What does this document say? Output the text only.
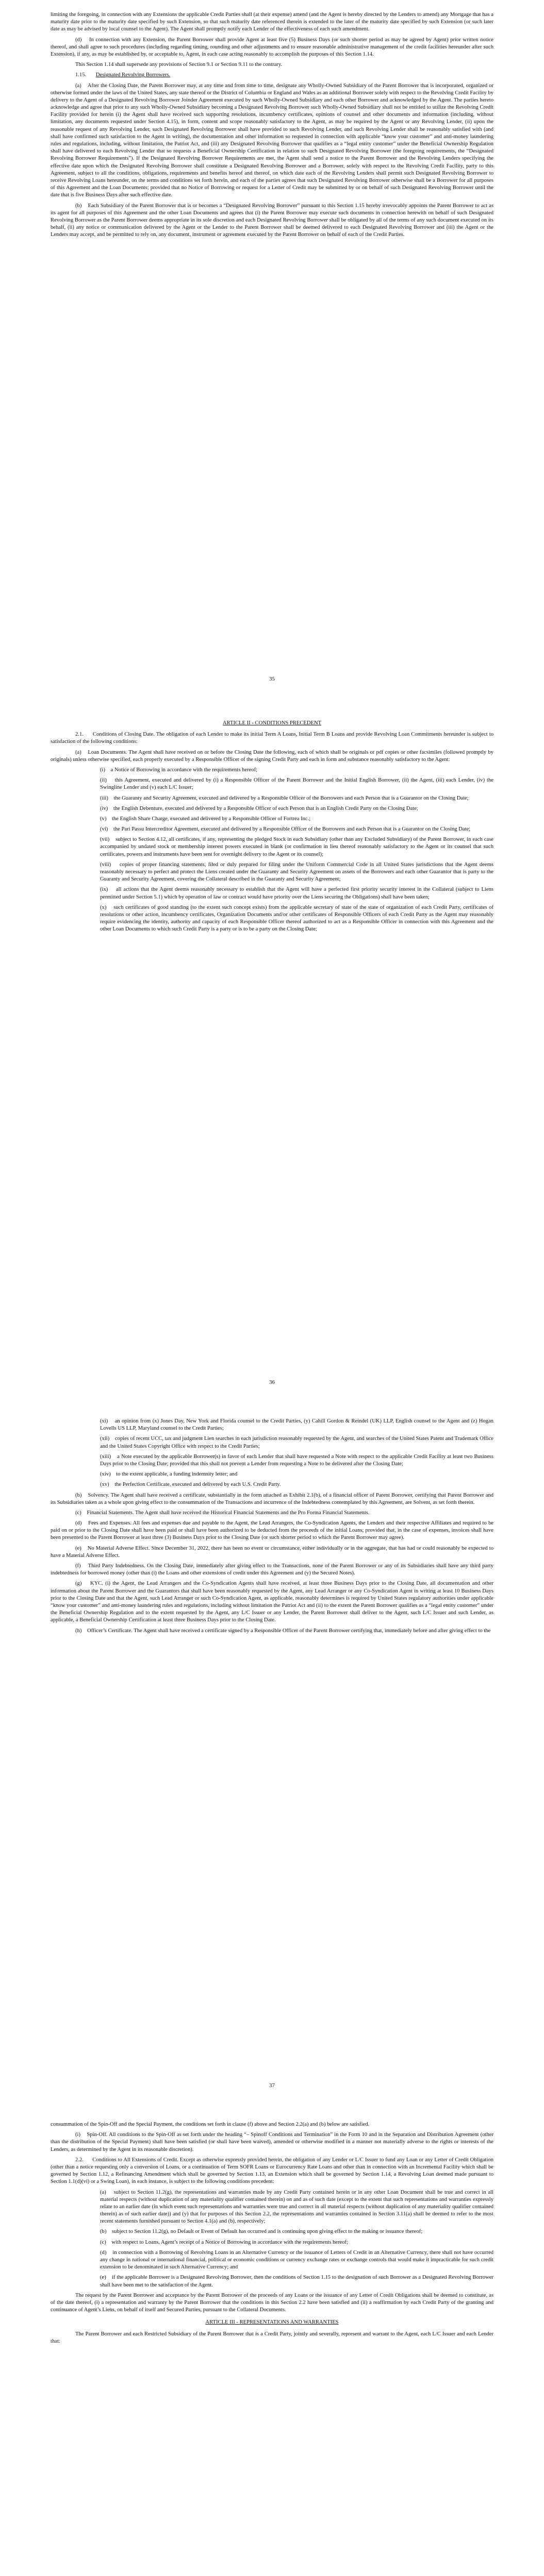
limiting the foregoing, in connection with any Extensions the applicable Credit Parties shall (at their expense) amend (and the Agent is hereby directed by the Lenders to amend) any Mortgage that has a maturity date prior to the maturity date specified by such Extension, so that such maturity date referenced therein is extended to the later of the maturity date specified by such Extension (or such later date as may be advised by local counsel to the Agent). The Agent shall promptly notify each Lender of the effectiveness of each such amendment.

(d)    In connection with any Extension, the Parent Borrower shall provide Agent at least five (5) Business Days (or such shorter period as may be agreed by Agent) prior written notice thereof, and shall agree to such procedures (including regarding timing, rounding and other adjustments and to ensure reasonable administrative management of the credit facilities hereunder after such Extension), if any, as may be established by, or acceptable to, Agent, in each case acting reasonably to accomplish the purposes of this Section 1.14.

This Section 1.14 shall supersede any provisions of Section 9.1 or Section 9.11 to the contrary.

1.15. Designated Revolving Borrowers.

(a)    After the Closing Date, the Parent Borrower may, at any time and from time to time, designate any Wholly-Owned Subsidiary of the Parent Borrower that is incorporated, organized or otherwise formed under the laws of the United States, any state thereof or the District of Columbia or England and Wales as an additional Borrower solely with respect to the Revolving Credit Facility by delivery to the Agent of a Designated Revolving Borrower Joinder Agreement executed by such Wholly-Owned Subsidiary and each other Borrower and acknowledged by the Agent. The parties hereto acknowledge and agree that prior to any such Wholly-Owned Subsidiary becoming a Designated Revolving Borrower such Wholly-Owned Subsidiary shall not be entitled to utilize the Revolving Credit Facility provided for herein (i) the Agent shall have received such supporting resolutions, incumbency certificates, opinions of counsel and other documents and information (including, without limitation, any documents requested under Section 4.15), in form, content and scope reasonably satisfactory to the Agent, as may be required by the Agent or any Revolving Lender, (ii) upon the reasonable request of any Revolving Lender, such Designated Revolving Borrower shall have provided to such Revolving Lender, and such Revolving Lender shall be reasonably satisfied with (and shall have confirmed such satisfaction to the Agent in writing), the documentation and other information so requested in connection with applicable “know your customer” and anti-money laundering rules and regulations, including, without limitation, the Patriot Act, and (iii) any Designated Revolving Borrower that qualifies as a “legal entity customer” under the Beneficial Ownership Regulation shall have delivered to each Revolving Lender that so requests a Beneficial Ownership Certification in relation to such Designated Revolving Borrower (the foregoing requirements, the “Designated Revolving Borrower Requirements”). If the Designated Revolving Borrower Requirements are met, the Agent shall send a notice to the Parent Borrower and the Revolving Lenders specifying the effective date upon which the Designated Revolving Borrower shall constitute a Designated Revolving Borrower and a Borrower, solely with respect to the Revolving Credit Facility, party to this Agreement, subject to all the conditions, obligations, requirements and benefits hereof and thereof, on which date each of the Revolving Lenders shall permit such Designated Revolving Borrower to receive Revolving Loans hereunder, on the terms and conditions set forth herein, and each of the parties agrees that such Designated Revolving Borrower otherwise shall be a Borrower for all purposes of this Agreement and the Loan Documents; provided that no Notice of Borrowing or request for a Letter of Credit may be submitted by or on behalf of such Designated Revolving Borrower until the date that is five Business Days after such effective date.

(b)    Each Subsidiary of the Parent Borrower that is or becomes a “Designated Revolving Borrower” pursuant to this Section 1.15 hereby irrevocably appoints the Parent Borrower to act as its agent for all purposes of this Agreement and the other Loan Documents and agrees that (i) the Parent Borrower may execute such documents in connection herewith on behalf of such Designated Revolving Borrower as the Parent Borrower deems appropriate in its sole discretion and each Designated Revolving Borrower shall be obligated by all of the terms of any such document executed on its behalf, (ii) any notice or communication delivered by the Agent or the Lender to the Parent Borrower shall be deemed delivered to each Designated Revolving Borrower and (iii) the Agent or the Lenders may accept, and be permitted to rely on, any document, instrument or agreement executed by the Parent Borrower on behalf of each of the Credit Parties.

35

ARTICLE II - CONDITIONS PRECEDENT

2.1.      Conditions of Closing Date. The obligation of each Lender to make its initial Term A Loans, Initial Term B Loans and provide Revolving Loan Commitments hereunder is subject to satisfaction of the following conditions:

(a)    Loan Documents. The Agent shall have received on or before the Closing Date the following, each of which shall be originals or pdf copies or other facsimiles (followed promptly by originals) unless otherwise specified, each properly executed by a Responsible Officer of the signing Credit Party and each in form and substance reasonably satisfactory to the Agent:

(i)    a Notice of Borrowing in accordance with the requirements hereof;

(ii)    this Agreement, executed and delivered by (i) a Responsible Officer of the Parent Borrower and the Initial English Borrower, (ii) the Agent, (iii) each Lender, (iv) the Swingline Lender and (v) each L/C Issuer;

(iii)    the Guaranty and Security Agreement, executed and delivered by a Responsible Officer of the Borrowers and each Person that is a Guarantor on the Closing Date;

(iv)    the English Debenture, executed and delivered by a Responsible Officer of each Person that is an English Credit Party on the Closing Date;

(v)    the English Share Charge, executed and delivered by a Responsible Officer of Fortrea Inc.;

(vi)    the Pari Passu Intercreditor Agreement, executed and delivered by a Responsible Officer of the Borrowers and each Person that is a Guarantor on the Closing Date;

(vii)    subject to Section 4.12, all certificates, if any, representing the pledged Stock in each Subsidiary (other than any Excluded Subsidiary) of the Parent Borrower, in each case accompanied by undated stock or membership interest powers executed in blank (or confirmation in lieu thereof reasonably satisfactory to the Agent or its counsel that such certificates, powers and instruments have been sent for overnight delivery to the Agent or its counsel);

(viii)    copies of proper financing statements, filed or duly prepared for filing under the Uniform Commercial Code in all United States jurisdictions that the Agent deems reasonably necessary to perfect and protect the Liens created under the Guaranty and Security Agreement on assets of the Borrowers and each other Guarantor that is party to the Guaranty and Security Agreement, covering the Collateral described in the Guaranty and Security Agreement;

(ix)    all actions that the Agent deems reasonably necessary to establish that the Agent will have a perfected first priority security interest in the Collateral (subject to Liens permitted under Section 5.1) which by operation of law or contract would have priority over the Liens securing the Obligations) shall have been taken;

(x)    such certificates of good standing (to the extent such concept exists) from the applicable secretary of state of the state of organization of each Credit Party, certificates of resolutions or other action, incumbency certificates, Organization Documents and/or other certificates of Responsible Officers of each Credit Party as the Agent may reasonably require evidencing the identity, authority and capacity of each Responsible Officer thereof authorized to act as a Responsible Officer in connection with this Agreement and the other Loan Documents to which such Credit Party is a party or is to be a party on the Closing Date;

36

(xi)    an opinion from (x) Jones Day, New York and Florida counsel to the Credit Parties, (y) Cahill Gordon & Reindel (UK) LLP, English counsel to the Agent and (z) Hogan Lovells US LLP, Maryland counsel to the Credit Parties;

(xii)    copies of recent UCC, tax and judgment Lien searches in each jurisdiction reasonably requested by the Agent, and searches of the United States Patent and Trademark Office and the United States Copyright Office with respect to the Credit Parties;

(xiii)    a Note executed by the applicable Borrower(s) in favor of each Lender that shall have requested a Note with respect to the applicable Credit Facility at least two Business Days prior to the Closing Date; provided that this shall not prevent a Lender from requesting a Note to be delivered after the Closing Date;

(xiv)    to the extent applicable, a funding indemnity letter; and

(xv)    the Perfection Certificate, executed and delivered by each U.S. Credit Party.

(b)    Solvency. The Agent shall have received a certificate, substantially in the form attached as Exhibit 2.1(b), of a financial officer of Parent Borrower, certifying that Parent Borrower and its Subsidiaries taken as a whole upon giving effect to the consummation of the Transactions and incurrence of the Indebtedness contemplated by this Agreement, are Solvent, as set forth therein.

(c)    Financial Statements. The Agent shall have received the Historical Financial Statements and the Pro Forma Financial Statements.

(d)    Fees and Expenses. All fees and expenses due and payable to the Agent, the Lead Arrangers, the Co-Syndication Agents, the Lenders and their respective Affiliates and required to be paid on or prior to the Closing Date shall have been paid or shall have been authorized to be deducted from the proceeds of the initial Loans; provided that, in the case of expenses, invoices shall have been presented to the Parent Borrower at least three (3) Business Days prior to the Closing Date (or such shorter period to which the Parent Borrower may agree).

(e)    No Material Adverse Effect. Since December 31, 2022, there has been no event or circumstance, either individually or in the aggregate, that has had or could reasonably be expected to have a Material Adverse Effect.

(f)    Third Party Indebtedness. On the Closing Date, immediately after giving effect to the Transactions, none of the Parent Borrower or any of its Subsidiaries shall have any third party indebtedness for borrowed money (other than (i) the Loans and other extensions of credit under this Agreement and (y) the Secured Notes).

(g)    KYC. (i) the Agent, the Lead Arrangers and the Co-Syndication Agents shall have received, at least three Business Days prior to the Closing Date, all documentation and other information about the Parent Borrower and the Guarantors that shall have been reasonably requested by the Agent, any Lead Arranger or any Co-Syndication Agent in writing at least 10 Business Days prior to the Closing Date and that the Agent, such Lead Arranger or such Co-Syndication Agent, as applicable, reasonably determines is required by United States regulatory authorities under applicable “know your customer” and anti-money laundering rules and regulations, including without limitation the Patriot Act and (ii) to the extent the Parent Borrower qualifies as a “legal entity customer” under the Beneficial Ownership Regulation and to the extent requested by the Agent, any L/C Issuer or any Lender, the Parent Borrower shall deliver to the Agent, such L/C Issuer and such Lender, as applicable, a Beneficial Ownership Certification at least three Business Days prior to the Closing Date.

(h)    Officer’s Certificate. The Agent shall have received a certificate signed by a Responsible Officer of the Parent Borrower certifying that, immediately before and after giving effect to the

37

consummation of the Spin-Off and the Special Payment, the conditions set forth in clause (f) above and Section 2.2(a) and (b) below are satisfied.

(i)    Spin-Off. All conditions to the Spin-Off as set forth under the heading “– Spinoff Conditions and Termination” in the Form 10 and in the Separation and Distribution Agreement (other than the distribution of the Special Payment) shall have been satisfied (or shall have been waived), amended or otherwise modified in a manner not materially adverse to the rights or interests of the Lenders, as determined by the Agent in its reasonable discretion).

2.2.      Conditions to All Extensions of Credit. Except as otherwise expressly provided herein, the obligation of any Lender or L/C Issuer to fund any Loan or any Letter of Credit Obligation (other than a notice requesting only a conversion of Loans, or a continuation of Term SOFR Loans or Eurocurrency Rate Loans and other than in connection with an Incremental Facility which shall be governed by Section 1.12, a Refinancing Amendment which shall be governed by Section 1.13, an Extension which shall be governed by Section 1.14, a Revolving Loan deemed made pursuant to Section 1.1(d)(vi) or a Swing Loan), in each instance, is subject to the following conditions precedent:

(a)    subject to Section 11.2(g), the representations and warranties made by any Credit Party contained herein or in any other Loan Document shall be true and correct in all material respects (without duplication of any materiality qualifier contained therein) on and as of such date (except to the extent that such representations and warranties expressly relate to an earlier date (in which event such representations and warranties were true and correct in all material respects (without duplication of any materiality qualifier contained therein) as of such earlier date)) and (y) that for purposes of this Section 2.2, the representations and warranties contained in Section 3.11(a) shall be deemed to refer to the most recent statements furnished pursuant to Section 4.1(a) and (b), respectively;

(b)    subject to Section 11.2(g), no Default or Event of Default has occurred and is continuing upon giving effect to the making or issuance thereof;

(c)    with respect to Loans, Agent’s receipt of a Notice of Borrowing in accordance with the requirements hereof;

(d)    in connection with a Borrowing of Revolving Loans in an Alternative Currency or the issuance of Letters of Credit in an Alternative Currency, there shall not have occurred any change in national or international financial, political or economic conditions or currency exchange rates or exchange controls that would make it impracticable for such credit extension to be denominated in such Alternative Currency; and

(e)    if the applicable Borrower is a Designated Revolving Borrower, then the conditions of Section 1.15 to the designation of such Borrower as a Designated Revolving Borrower shall have been met to the satisfaction of the Agent.

The request by the Parent Borrower and acceptance by the Parent Borrower of the proceeds of any Loans or the issuance of any Letter of Credit Obligations shall be deemed to constitute, as of the date thereof, (i) a representation and warranty by the Parent Borrower that the conditions in this Section 2.2 have been satisfied and (ii) a reaffirmation by each Credit Party of the granting and continuance of Agent’s Liens, on behalf of itself and Secured Parties, pursuant to the Collateral Documents.

ARTICLE III - REPRESENTATIONS AND WARRANTIES

The Parent Borrower and each Restricted Subsidiary of the Parent Borrower that is a Credit Party, jointly and severally, represent and warrant to the Agent, each L/C Issuer and each Lender that:
